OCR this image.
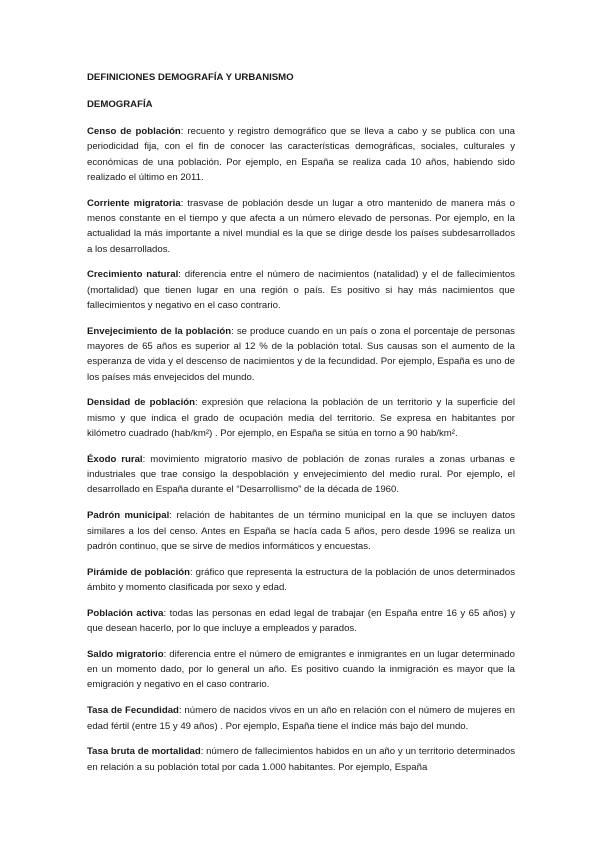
DEFINICIONES DEMOGRAFÍA Y URBANISMO
DEMOGRAFÍA

Censo de población: recuento y registro demográfico que se lleva a cabo y se publica con una periodicidad fija, con el fin de conocer las características demográficas, sociales, culturales y económicas de una población. Por ejemplo, en España se realiza cada 10 años, habiendo sido realizado el último en 2011.

Corriente migratoria: trasvase de población desde un lugar a otro mantenido de manera más o menos constante en el tiempo y que afecta a un número elevado de personas. Por ejemplo, en la actualidad la más importante a nivel mundial es la que se dirige desde los países subdesarrollados a los desarrollados.

Crecimiento natural: diferencia entre el número de nacimientos (natalidad) y el de fallecimientos (mortalidad) que tienen lugar en una región o país. Es positivo si hay más nacimientos que fallecimientos y negativo en el caso contrario.

Envejecimiento de la población: se produce cuando en un país o zona el porcentaje de personas mayores de 65 años es superior al 12 % de la población total. Sus causas son el aumento de la esperanza de vida y el descenso de nacimientos y de la fecundidad. Por ejemplo, España es uno de los países más envejecidos del mundo.

Densidad de población: expresión que relaciona la población de un territorio y la superficie del mismo y que indica el grado de ocupación media del territorio. Se expresa en habitantes por kilómetro cuadrado (hab/km²) . Por ejemplo, en España se sitúa en torno a 90 hab/km².

Éxodo rural: movimiento migratorio masivo de población de zonas rurales a zonas urbanas e industriales que trae consigo la despoblación y envejecimiento del medio rural. Por ejemplo, el desarrollado en España durante el “Desarrollismo” de la década de 1960.

Padrón municipal: relación de habitantes de un término municipal en la que se incluyen datos similares a los del censo. Antes en España se hacía cada 5 años, pero desde 1996 se realiza un padrón continuo, que se sirve de medios informáticos y encuestas.

Pirámide de población: gráfico que representa la estructura de la población de unos determinados ámbito y momento clasificada por sexo y edad.

Población activa: todas las personas en edad legal de trabajar (en España entre 16 y 65 años) y que desean hacerlo, por lo que incluye a empleados y parados.

Saldo migratorio: diferencia entre el número de emigrantes e inmigrantes en un lugar determinado en un momento dado, por lo general un año. Es positivo cuando la inmigración es mayor que la emigración y negativo en el caso contrario.

Tasa de Fecundidad: número de nacidos vivos en un año en relación con el número de mujeres en edad fértil (entre 15 y 49 años) . Por ejemplo, España tiene el índice más bajo del mundo.

Tasa bruta de mortalidad: número de fallecimientos habidos en un año y un territorio determinados en relación a su población total por cada 1.000 habitantes. Por ejemplo, España
